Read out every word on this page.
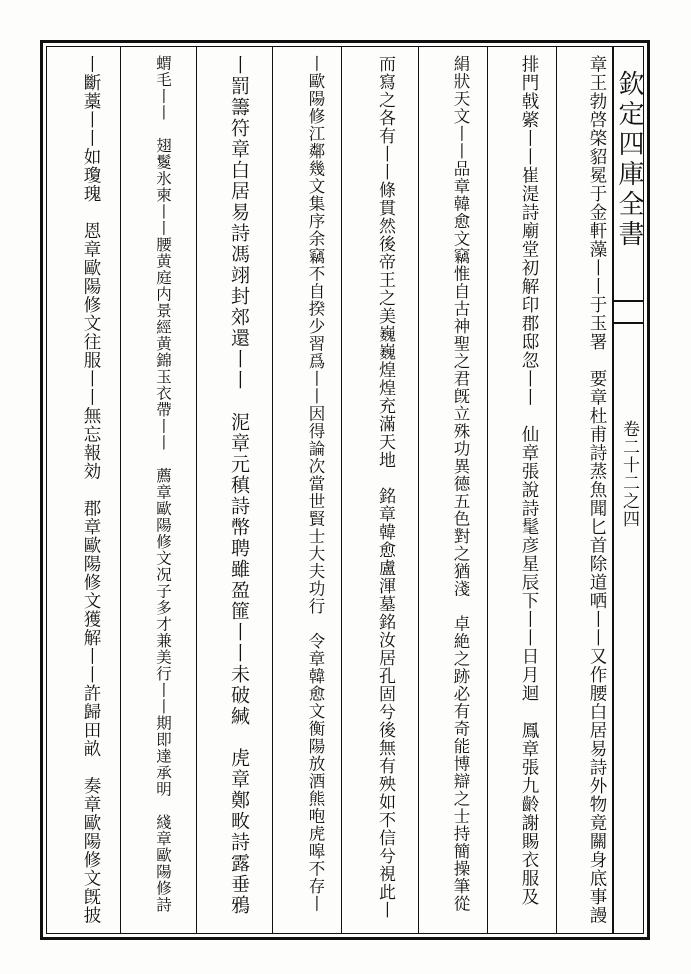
欽定四庫全書
卷二十二之四
章王勃啓棨貂冕于金軒藻丨丨于玉署　要章杜甫詩蒸魚聞匕首除道哂丨丨又作腰白居易詩外物竟關身底事謾
排門戟綮丨丨崔湜詩廟堂初解印郡邸忽丨丨　仙章張說詩髦彦星辰下丨丨日月迴　鳳章張九齡謝賜衣服及
絹狀天文丨丨品章韓愈文竊惟自古神聖之君旣立殊功異德五色對之猶淺　卓絶之跡必有奇能博辯之士持簡操筆從
而寫之各有丨丨條貫然後帝王之美巍巍煌煌充滿天地　銘章韓愈盧渾墓銘汝居孔固兮後無有殃如不信兮視此丨
丨歐陽修江鄰幾文集序余竊不自揆少習爲丨丨因得論次當世賢士大夫功行　令章韓愈文衡陽放酒熊咆虎嗥不存丨
丨罰籌符章白居易詩馮翊封郊還丨丨　泥章元稹詩幣聘雖盈篚丨丨未破緘　虎章鄭畋詩露垂鴉
蝟毛丨丨　翅鬉氷柬丨丨腰黄庭内景經黄錦玉衣帶丨丨　薦章歐陽修文况子多才兼美行丨丨期即達承明　綫章歐陽修詩
丨斷藁丨丨如瓊瑰　恩章歐陽修文往服丨丨無忘報効　郡章歐陽修文獲解丨丨許歸田畝　奏章歐陽修文旣披
